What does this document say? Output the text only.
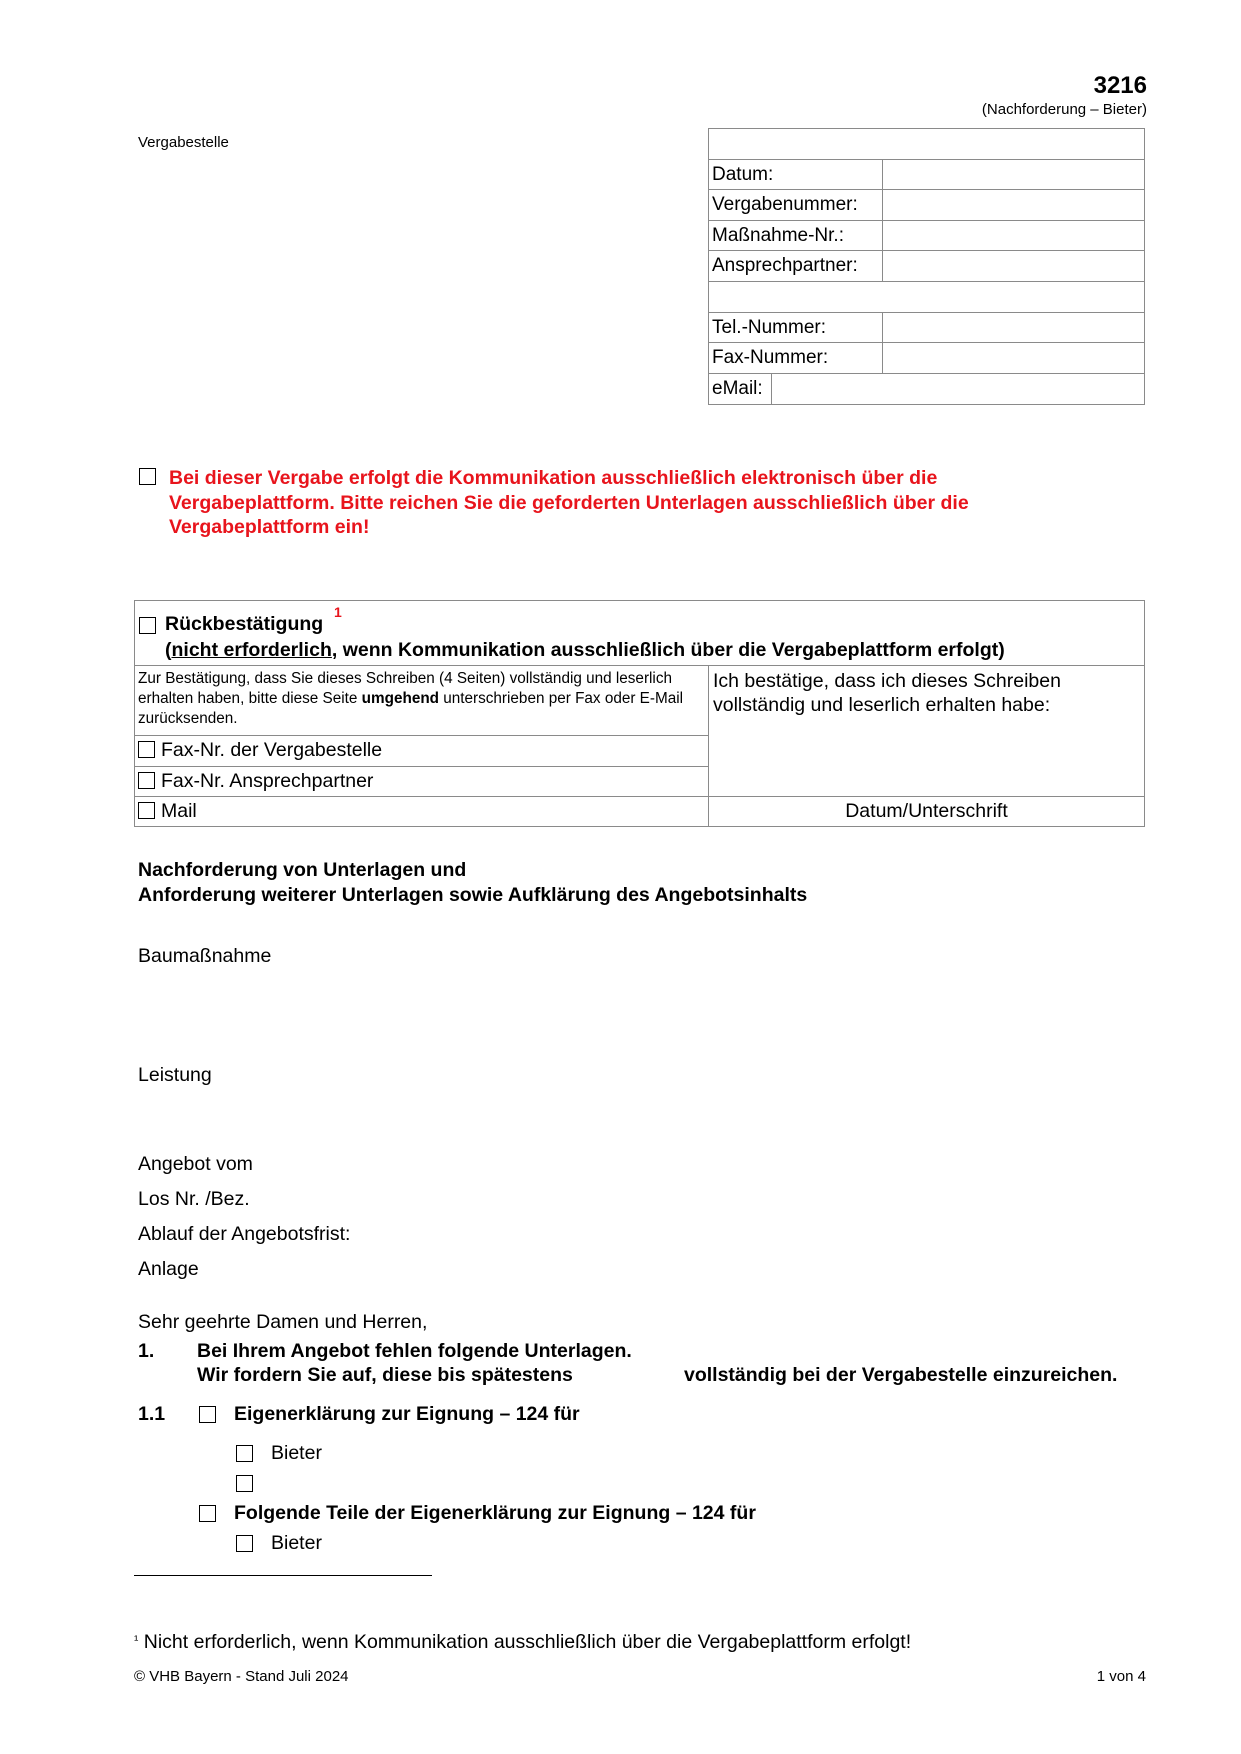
3216
(Nachforderung – Bieter)
Vergabestelle
Datum:
Vergabenummer:
Maßnahme-Nr.:
Ansprechpartner:
Tel.-Nummer:
Fax-Nummer:
eMail:
Bei dieser Vergabe erfolgt die Kommunikation ausschließlich elektronisch über die Vergabeplattform. Bitte reichen Sie die geforderten Unterlagen ausschließlich über die Vergabeplattform ein!
Rückbestätigung
1
(nicht erforderlich, wenn Kommunikation ausschließlich über die Vergabeplattform erfolgt)
Zur Bestätigung, dass Sie dieses Schreiben (4 Seiten) vollständig und leserlich erhalten haben, bitte diese Seite umgehend unterschrieben per Fax oder E-Mail zurücksenden.
Fax-Nr. der Vergabestelle
Fax-Nr. Ansprechpartner
Mail
Ich bestätige, dass ich dieses Schreiben vollständig und leserlich erhalten habe:
Datum/Unterschrift
Nachforderung von Unterlagen und
Anforderung weiterer Unterlagen sowie Aufklärung des Angebotsinhalts
Baumaßnahme
Leistung
Angebot vom
Los Nr. /Bez.
Ablauf der Angebotsfrist:
Anlage
Sehr geehrte Damen und Herren,
1. Bei Ihrem Angebot fehlen folgende Unterlagen.
Wir fordern Sie auf, diese bis spätestens	vollständig bei der Vergabestelle einzureichen.
1.1	Eigenerklärung zur Eignung – 124 für
Bieter
Folgende Teile der Eigenerklärung zur Eignung – 124 für
Bieter
$^{^1}$ Nicht erforderlich, wenn Kommunikation ausschließlich über die Vergabeplattform erfolgt!
© VHB Bayern - Stand Juli 2024	1 von 4
